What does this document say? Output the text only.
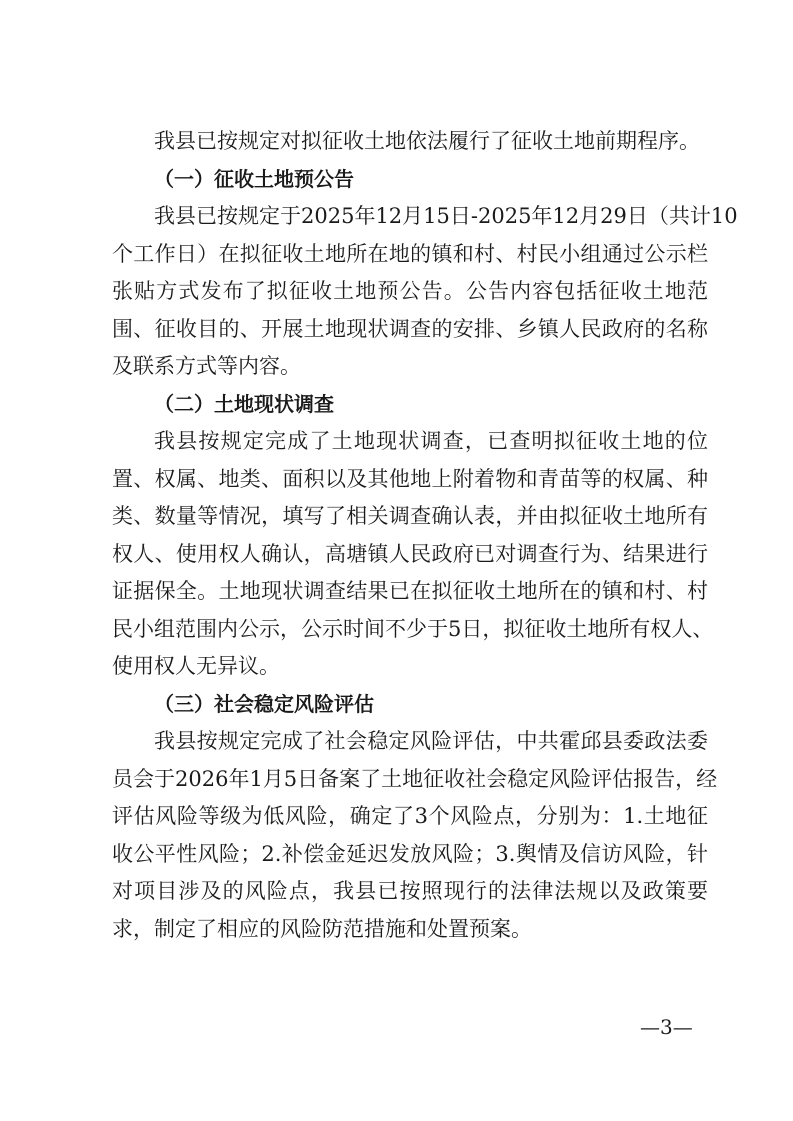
我县已按规定对拟征收土地依法履行了征收土地前期程序。
（一）征收土地预公告
我县已按规定于2025年12月15日-2025年12月29日（共计10
个工作日）在拟征收土地所在地的镇和村、村民小组通过公示栏
张贴方式发布了拟征收土地预公告。公告内容包括征收土地范
围、征收目的、开展土地现状调查的安排、乡镇人民政府的名称
及联系方式等内容。
（二）土地现状调查
我县按规定完成了土地现状调查，已查明拟征收土地的位
置、权属、地类、面积以及其他地上附着物和青苗等的权属、种
类、数量等情况，填写了相关调查确认表，并由拟征收土地所有
权人、使用权人确认，高塘镇人民政府已对调查行为、结果进行
证据保全。土地现状调查结果已在拟征收土地所在的镇和村、村
民小组范围内公示，公示时间不少于5日，拟征收土地所有权人、
使用权人无异议。
（三）社会稳定风险评估
我县按规定完成了社会稳定风险评估，中共霍邱县委政法委
员会于2026年1月5日备案了土地征收社会稳定风险评估报告，经
评估风险等级为低风险，确定了3个风险点，分别为：1.土地征
收公平性风险；2.补偿金延迟发放风险；3.舆情及信访风险，针
对项目涉及的风险点，我县已按照现行的法律法规以及政策要
求，制定了相应的风险防范措施和处置预案。
—3—
